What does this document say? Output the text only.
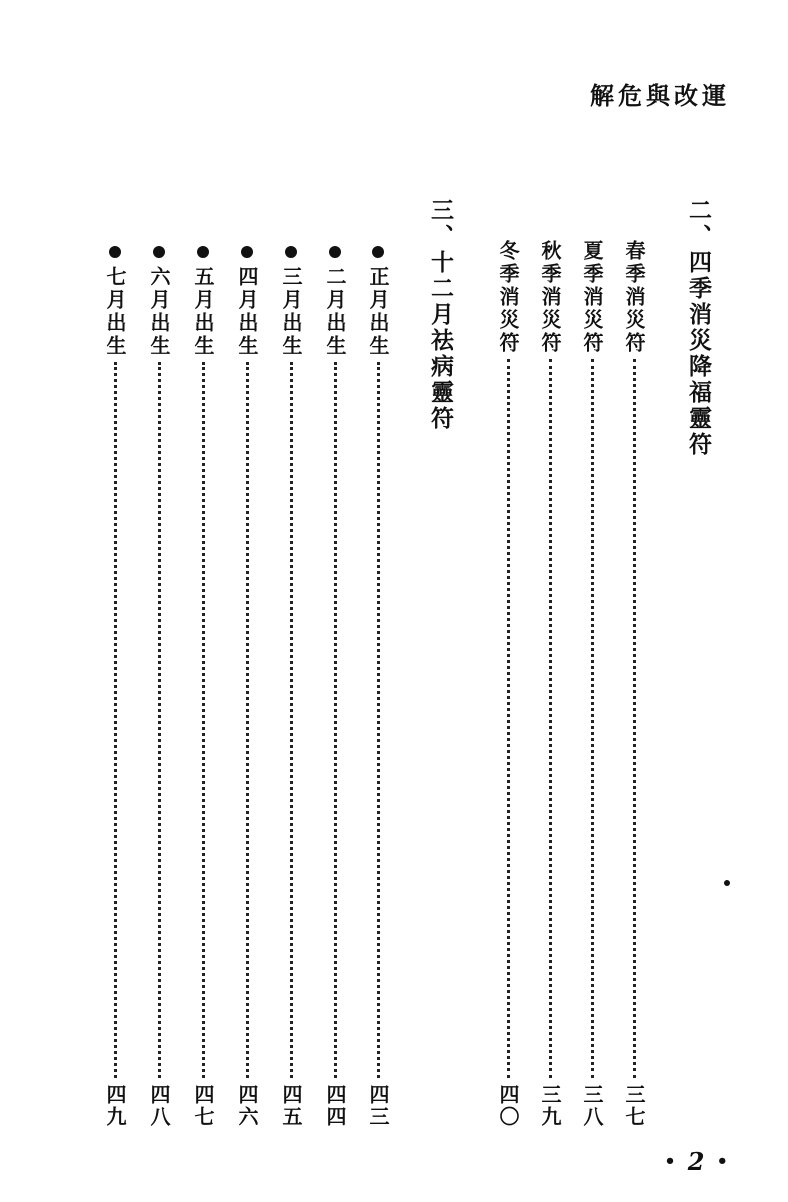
解危與改運
二、四季消災降福靈符
春季消災符
三七
夏季消災符
三八
秋季消災符
三九
冬季消災符
四〇
三、十二月祛病靈符
正月出生
四三
二月出生
四四
三月出生
四五
四月出生
四六
五月出生
四七
六月出生
四八
七月出生
四九
• 2 •
